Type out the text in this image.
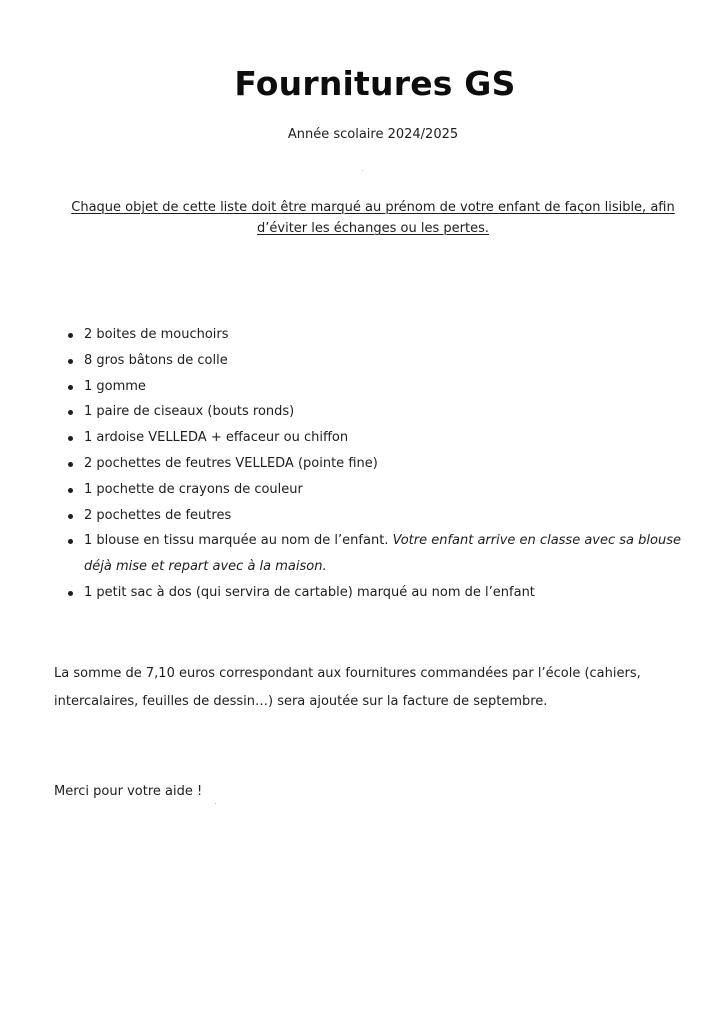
Fournitures GS
Année scolaire 2024/2025
Chaque objet de cette liste doit être marqué au prénom de votre enfant de façon lisible, afin d’éviter les échanges ou les pertes.
2 boites de mouchoirs
8 gros bâtons de colle
1 gomme
1 paire de ciseaux (bouts ronds)
1 ardoise VELLEDA + effaceur ou chiffon
2 pochettes de feutres VELLEDA (pointe fine)
1 pochette de crayons de couleur
2 pochettes de feutres
1 blouse en tissu marquée au nom de l’enfant. Votre enfant arrive en classe avec sa blouse déjà mise et repart avec à la maison.
1 petit sac à dos (qui servira de cartable) marqué au nom de l’enfant

La somme de 7,10 euros correspondant aux fournitures commandées par l’école (cahiers, intercalaires, feuilles de dessin…) sera ajoutée sur la facture de septembre.

Merci pour votre aide !
